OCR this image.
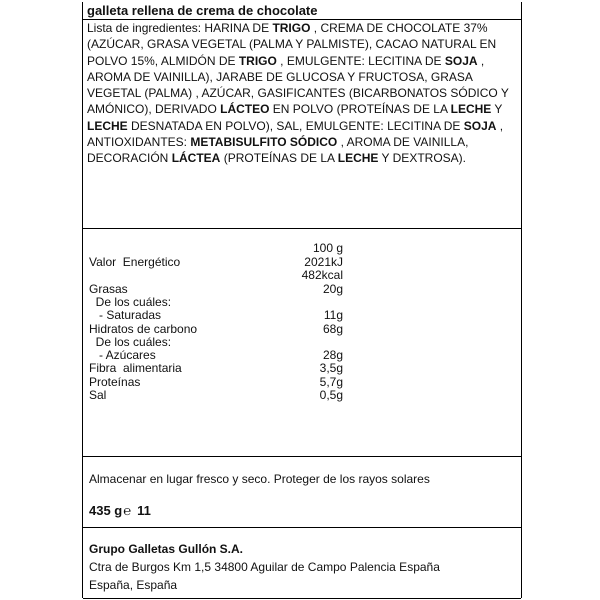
galleta rellena de crema de chocolate

Lista de ingredientes: HARINA DE TRIGO , CREMA DE CHOCOLATE 37% (AZÚCAR, GRASA VEGETAL (PALMA Y PALMISTE), CACAO NATURAL EN POLVO 15%, ALMIDÓN DE TRIGO , EMULGENTE: LECITINA DE SOJA , AROMA DE VAINILLA), JARABE DE GLUCOSA Y FRUCTOSA, GRASA VEGETAL (PALMA) , AZÚCAR, GASIFICANTES (BICARBONATOS SÓDICO Y AMÓNICO), DERIVADO LÁCTEO EN POLVO (PROTEÍNAS DE LA LECHE Y LECHE DESNATADA EN POLVO), SAL, EMULGENTE: LECITINA DE SOJA , ANTIOXIDANTES: METABISULFITO SÓDICO , AROMA DE VAINILLA, DECORACIÓN LÁCTEA (PROTEÍNAS DE LA LECHE Y DEXTROSA).

100 g
Valor  Energético	2021kJ
482kcal
Grasas	20g
De los cuáles:
- Saturadas	11g
Hidratos de carbono	68g
De los cuáles:
- Azúcares	28g
Fibra  alimentaria	3,5g
Proteínas	5,7g
Sal	0,5g
Almacenar en lugar fresco y seco. Proteger de los rayos solares
435 g℮ 11
Grupo Galletas Gullón S.A.
Ctra de Burgos Km 1,5 34800 Aguilar de Campo Palencia España
España, España
